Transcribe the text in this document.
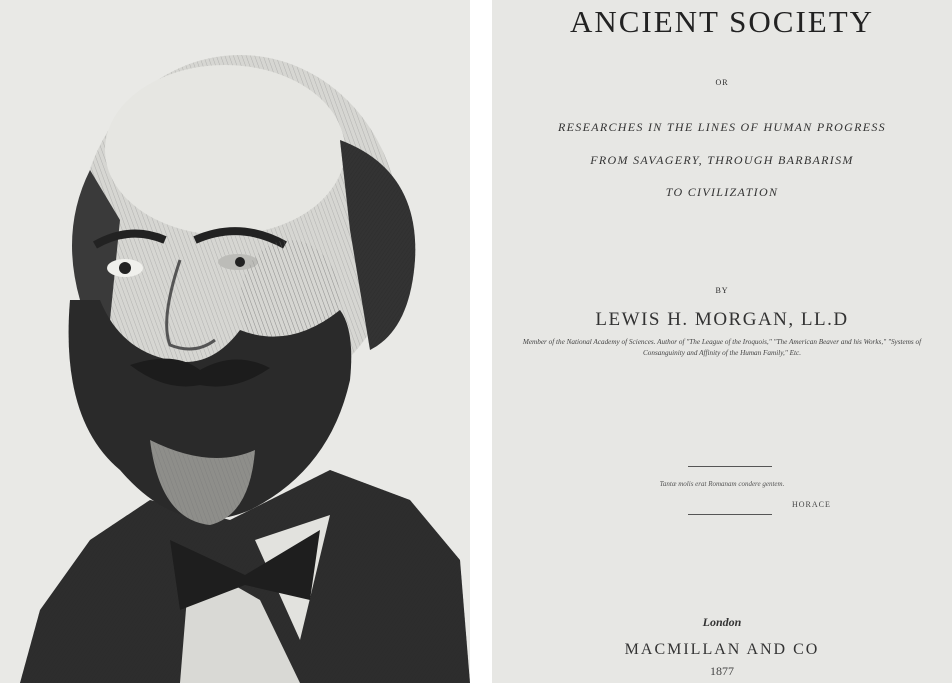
ANCIENT SOCIETY
OR
RESEARCHES IN THE LINES OF HUMAN PROGRESS
FROM SAVAGERY, THROUGH BARBARISM
TO CIVILIZATION
BY
LEWIS H. MORGAN, LL.D
Member of the National Academy of Sciences. Author of "The League of the Iroquois," "The American Beaver and his Works," "Systems of Consanguinity and Affinity of the Human Family," Etc.
Tantæ molis erat Romanam condere gentem.
HORACE
London
MACMILLAN AND CO
1877
